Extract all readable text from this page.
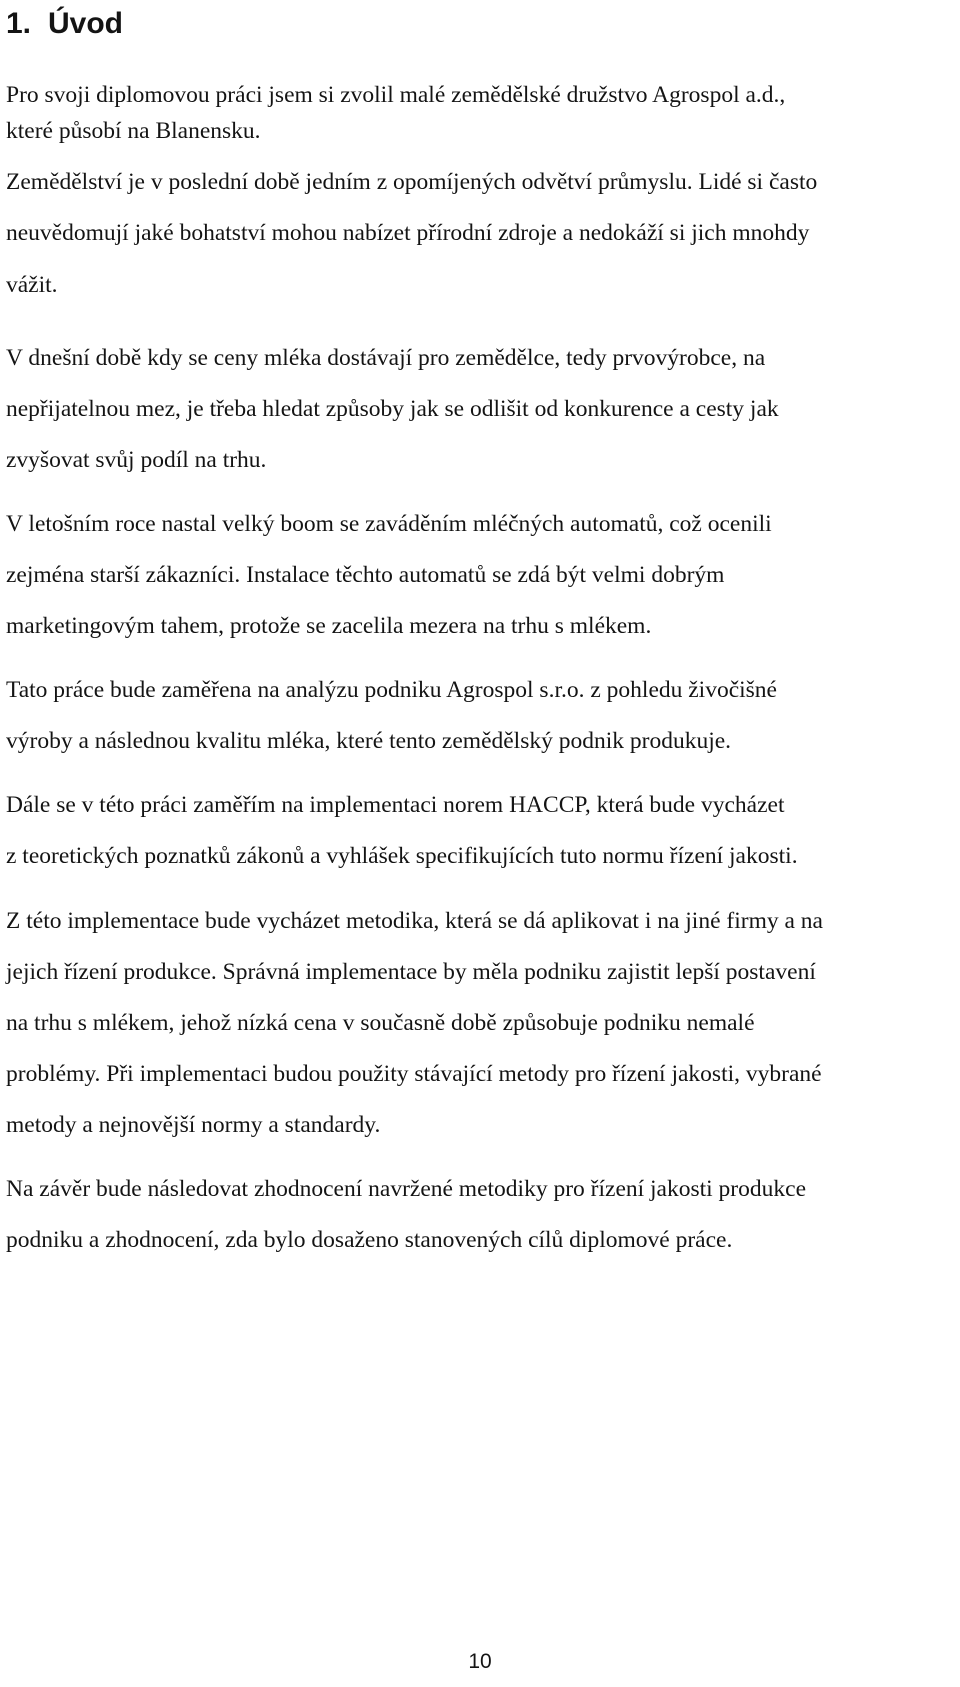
1. Úvod
Pro svoji diplomovou práci jsem si zvolil malé zemědělské družstvo Agrospol a.d.,
které působí na Blanensku.
Zemědělství je v poslední době jedním z opomíjených odvětví průmyslu. Lidé si často
neuvědomují jaké bohatství mohou nabízet přírodní zdroje a nedokáží si jich mnohdy
vážit.
V dnešní době kdy se ceny mléka dostávají pro zemědělce, tedy prvovýrobce, na
nepřijatelnou mez, je třeba hledat způsoby jak se odlišit od konkurence a cesty jak
zvyšovat svůj podíl na trhu.
V letošním roce nastal velký boom se zaváděním mléčných automatů, což ocenili
zejména starší zákazníci. Instalace těchto automatů se zdá být velmi dobrým
marketingovým tahem, protože se zacelila mezera na trhu s mlékem.
Tato práce bude zaměřena na analýzu podniku Agrospol s.r.o. z pohledu živočišné
výroby a následnou kvalitu mléka, které tento zemědělský podnik produkuje.
Dále se v této práci zaměřím na implementaci norem HACCP, která bude vycházet
z teoretických poznatků zákonů a vyhlášek specifikujících tuto normu řízení jakosti.
Z této implementace bude vycházet metodika, která se dá aplikovat i na jiné firmy a na
jejich řízení produkce. Správná implementace by měla podniku zajistit lepší postavení
na trhu s mlékem, jehož nízká cena v současně době způsobuje podniku nemalé
problémy. Při implementaci budou použity stávající metody pro řízení jakosti, vybrané
metody a nejnovější normy a standardy.
Na závěr bude následovat zhodnocení navržené metodiky pro řízení jakosti produkce
podniku a zhodnocení, zda bylo dosaženo stanovených cílů diplomové práce.
10
